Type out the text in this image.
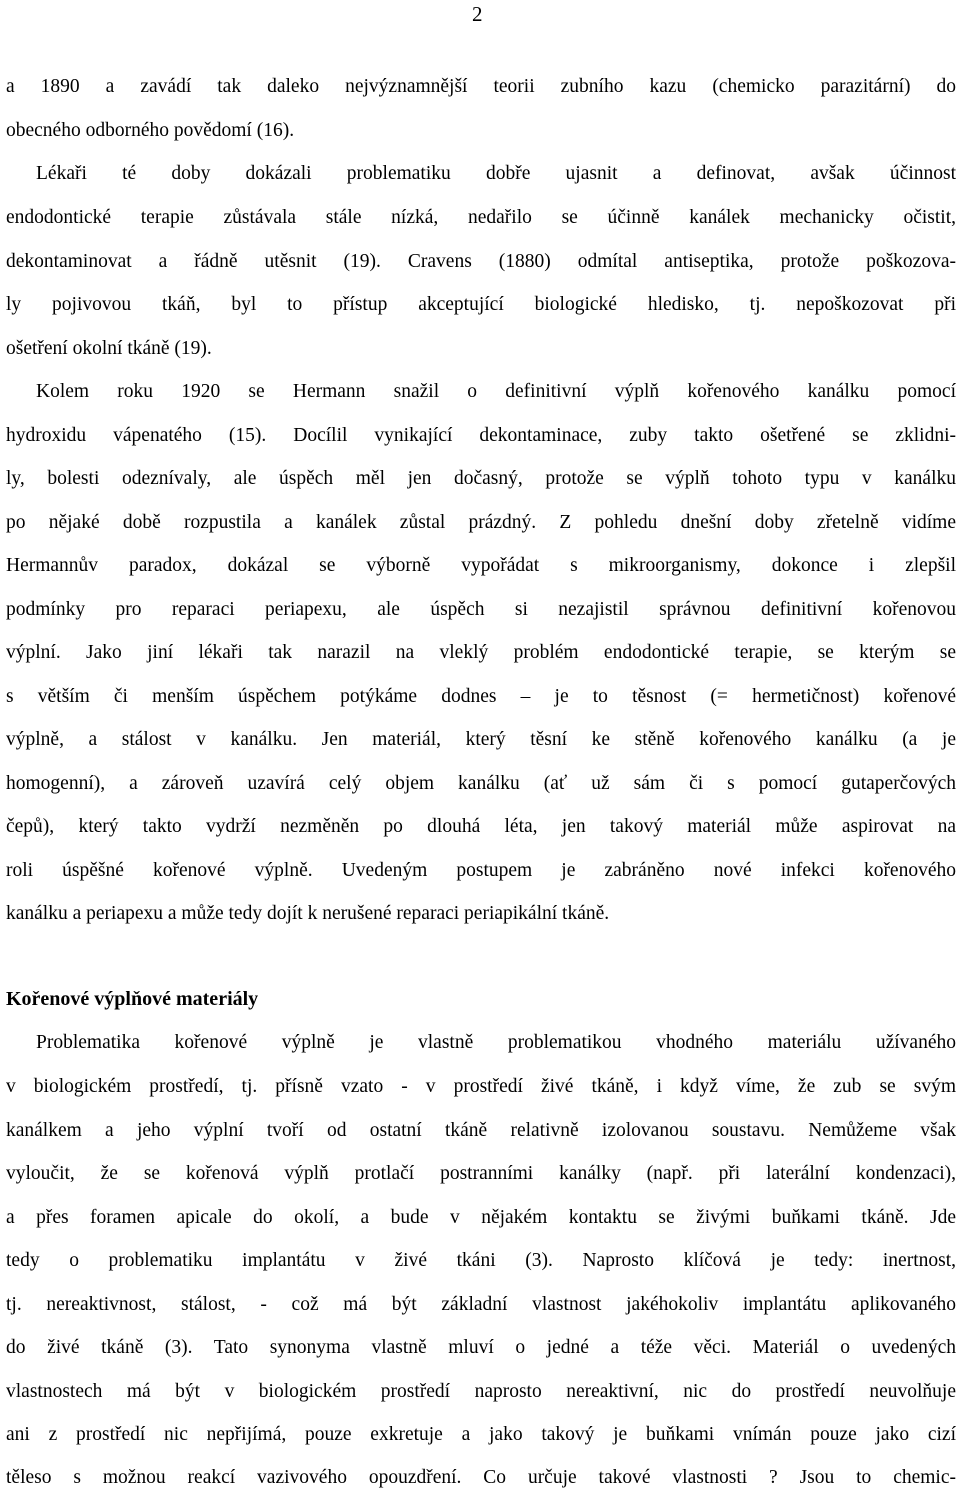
2
a 1890 a zavádí tak daleko nejvýznamnější teorii zubního kazu (chemicko parazitární) do
obecného odborného povědomí (16).
Lékaři té doby dokázali problematiku dobře ujasnit a definovat, avšak účinnost
endodontické terapie zůstávala stále nízká, nedařilo se účinně kanálek mechanicky očistit,
dekontaminovat a řádně utěsnit (19). Cravens (1880) odmítal antiseptika, protože poškozova-
ly pojivovou tkáň, byl to přístup akceptující biologické hledisko, tj. nepoškozovat při
ošetření okolní tkáně (19).
Kolem roku 1920 se Hermann snažil o definitivní výplň kořenového kanálku pomocí
hydroxidu vápenatého (15). Docílil vynikající dekontaminace, zuby takto ošetřené se zklidni-
ly, bolesti odeznívaly, ale úspěch měl jen dočasný, protože se výplň tohoto typu v kanálku
po nějaké době rozpustila a kanálek zůstal prázdný. Z pohledu dnešní doby zřetelně vidíme
Hermannův paradox, dokázal se výborně vypořádat s mikroorganismy, dokonce i zlepšil
podmínky pro reparaci periapexu, ale úspěch si nezajistil správnou definitivní kořenovou
výplní. Jako jiní lékaři tak narazil na vleklý problém endodontické terapie, se kterým se
s větším či menším úspěchem potýkáme dodnes – je to těsnost (= hermetičnost) kořenové
výplně, a stálost v kanálku. Jen materiál, který těsní ke stěně kořenového kanálku (a je
homogenní), a zároveň uzavírá celý objem kanálku (ať už sám či s pomocí gutaperčových
čepů), který takto vydrží nezměněn po dlouhá léta, jen takový materiál může aspirovat na
roli úspěšné kořenové výplně. Uvedeným postupem je zabráněno nové infekci kořenového
kanálku a periapexu a může tedy dojít k nerušené reparaci periapikální tkáně.
Kořenové výplňové materiály
Problematika kořenové výplně je vlastně problematikou vhodného materiálu užívaného
v biologickém prostředí, tj. přísně vzato - v prostředí živé tkáně, i když víme, že zub se svým
kanálkem a jeho výplní tvoří od ostatní tkáně relativně izolovanou soustavu. Nemůžeme však
vyloučit, že se kořenová výplň protlačí postranními kanálky (např. při laterální kondenzaci),
a přes foramen apicale do okolí, a bude v nějakém kontaktu se živými buňkami tkáně. Jde
tedy o problematiku implantátu v živé tkáni (3). Naprosto klíčová je tedy: inertnost,
tj. nereaktivnost, stálost, - což má být základní vlastnost jakéhokoliv implantátu aplikovaného
do živé tkáně (3). Tato synonyma vlastně mluví o jedné a téže věci. Materiál o uvedených
vlastnostech má být v biologickém prostředí naprosto nereaktivní, nic do prostředí neuvolňuje
ani z prostředí nic nepřijímá, pouze exkretuje a jako takový je buňkami vnímán pouze jako cizí
těleso s možnou reakcí vazivového opouzdření. Co určuje takové vlastnosti ? Jsou to chemic-
